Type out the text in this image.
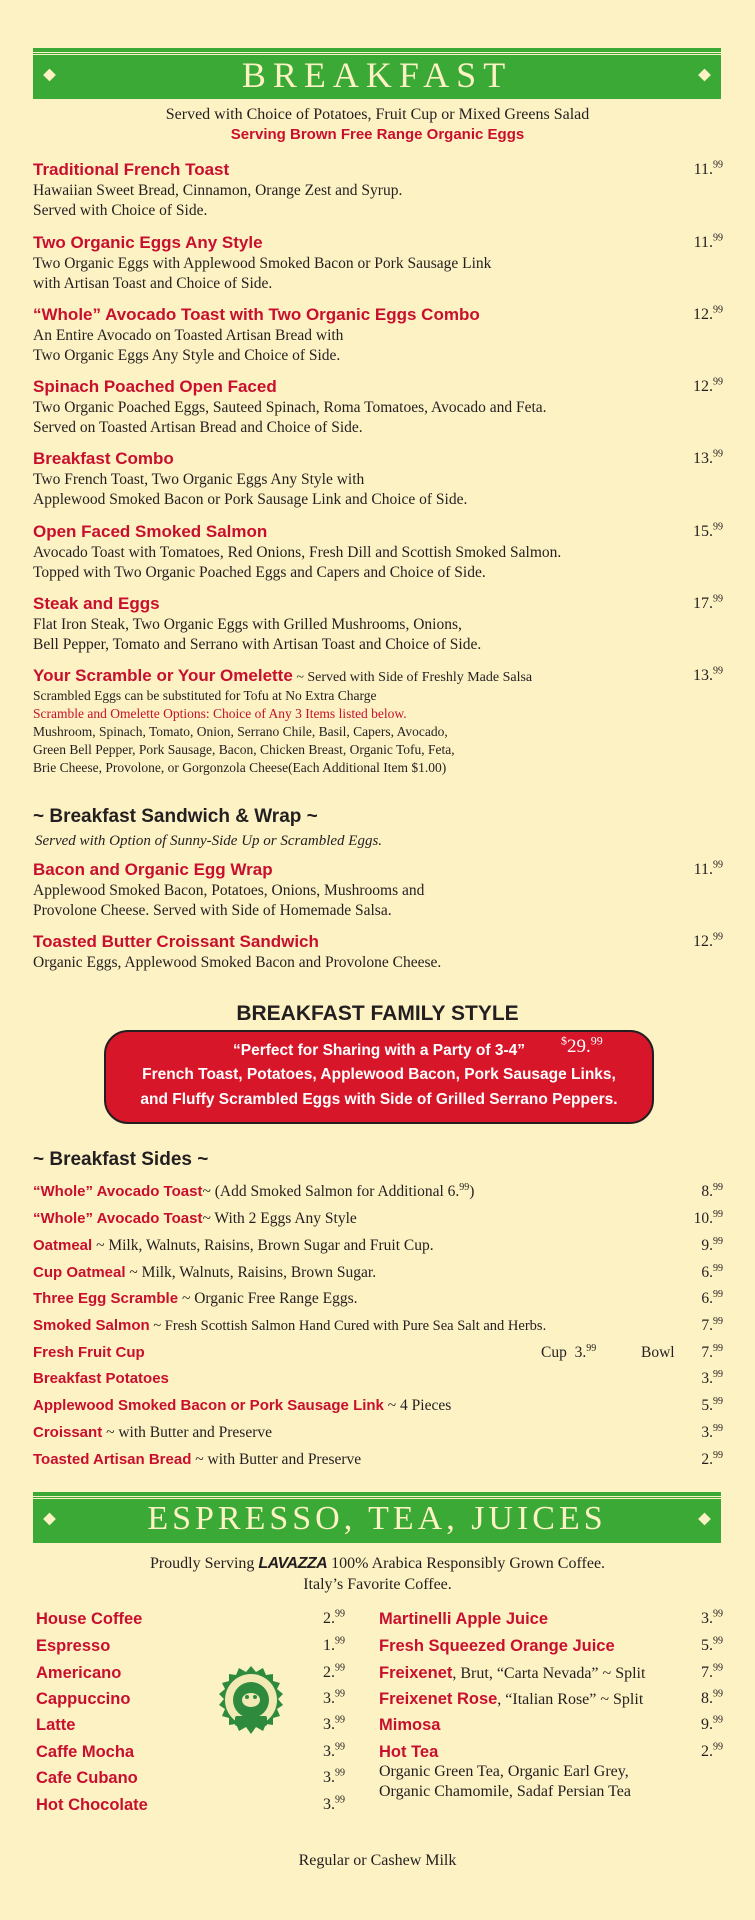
BREAKFAST
Served with Choice of Potatoes, Fruit Cup or Mixed Greens Salad
Serving Brown Free Range Organic Eggs
Traditional French Toast
Hawaiian Sweet Bread, Cinnamon, Orange Zest and Syrup.
Served with Choice of Side.
11.99
Two Organic Eggs Any Style
Two Organic Eggs with Applewood Smoked Bacon or Pork Sausage Link
with Artisan Toast and Choice of Side.
11.99
“Whole” Avocado Toast with Two Organic Eggs Combo
An Entire Avocado on Toasted Artisan Bread with
Two Organic Eggs Any Style and Choice of Side.
12.99
Spinach Poached Open Faced
Two Organic Poached Eggs, Sauteed Spinach, Roma Tomatoes, Avocado and Feta.
Served on Toasted Artisan Bread and Choice of Side.
12.99
Breakfast Combo
Two French Toast, Two Organic Eggs Any Style with
Applewood Smoked Bacon or Pork Sausage Link and Choice of Side.
13.99
Open Faced Smoked Salmon
Avocado Toast with Tomatoes, Red Onions, Fresh Dill and Scottish Smoked Salmon.
Topped with Two Organic Poached Eggs and Capers and Choice of Side.
15.99
Steak and Eggs
Flat Iron Steak, Two Organic Eggs with Grilled Mushrooms, Onions,
Bell Pepper, Tomato and Serrano with Artisan Toast and Choice of Side.
17.99
Your Scramble or Your Omelette ~ Served with Side of Freshly Made Salsa
Scrambled Eggs can be substituted for Tofu at No Extra Charge
Scramble and Omelette Options: Choice of Any 3 Items listed below.
Mushroom, Spinach, Tomato, Onion, Serrano Chile, Basil, Capers, Avocado,
Green Bell Pepper, Pork Sausage, Bacon, Chicken Breast, Organic Tofu, Feta,
Brie Cheese, Provolone, or Gorgonzola Cheese(Each Additional Item $1.00)
13.99
~ Breakfast Sandwich & Wrap ~
Served with Option of Sunny-Side Up or Scrambled Eggs.
Bacon and Organic Egg Wrap
Applewood Smoked Bacon, Potatoes, Onions, Mushrooms and
Provolone Cheese. Served with Side of Homemade Salsa.
11.99
Toasted Butter Croissant Sandwich
Organic Eggs, Applewood Smoked Bacon and Provolone Cheese.
12.99
BREAKFAST FAMILY STYLE
“Perfect for Sharing with a Party of 3-4”
$29.99
French Toast, Potatoes, Applewood Bacon, Pork Sausage Links,
and Fluffy Scrambled Eggs with Side of Grilled Serrano Peppers.
~ Breakfast Sides ~
“Whole” Avocado Toast~ (Add Smoked Salmon for Additional 6.99)	8.99
“Whole” Avocado Toast~ With 2 Eggs Any Style	10.99
Oatmeal ~ Milk, Walnuts, Raisins, Brown Sugar and Fruit Cup.	9.99
Cup Oatmeal ~ Milk, Walnuts, Raisins, Brown Sugar.	6.99
Three Egg Scramble ~ Organic Free Range Eggs.	6.99
Smoked Salmon ~ Fresh Scottish Salmon Hand Cured with Pure Sea Salt and Herbs.	7.99
Fresh Fruit Cup	Cup 3.99	Bowl 7.99
Breakfast Potatoes	3.99
Applewood Smoked Bacon or Pork Sausage Link ~ 4 Pieces	5.99
Croissant ~ with Butter and Preserve	3.99
Toasted Artisan Bread ~ with Butter and Preserve	2.99
ESPRESSO, TEA, JUICES
Proudly Serving LAVAZZA 100% Arabica Responsibly Grown Coffee.
Italy’s Favorite Coffee.
House Coffee	2.99
Espresso	1.99
Americano	2.99
Cappuccino	3.99
Latte	3.99
Caffe Mocha	3.99
Cafe Cubano	3.99
Hot Chocolate	3.99
Martinelli Apple Juice	3.99
Fresh Squeezed Orange Juice	5.99
Freixenet, Brut, “Carta Nevada” ~ Split	7.99
Freixenet Rose, “Italian Rose” ~ Split	8.99
Mimosa	9.99
Hot Tea	2.99
Organic Green Tea, Organic Earl Grey,
Organic Chamomile, Sadaf Persian Tea
Regular or Cashew Milk
